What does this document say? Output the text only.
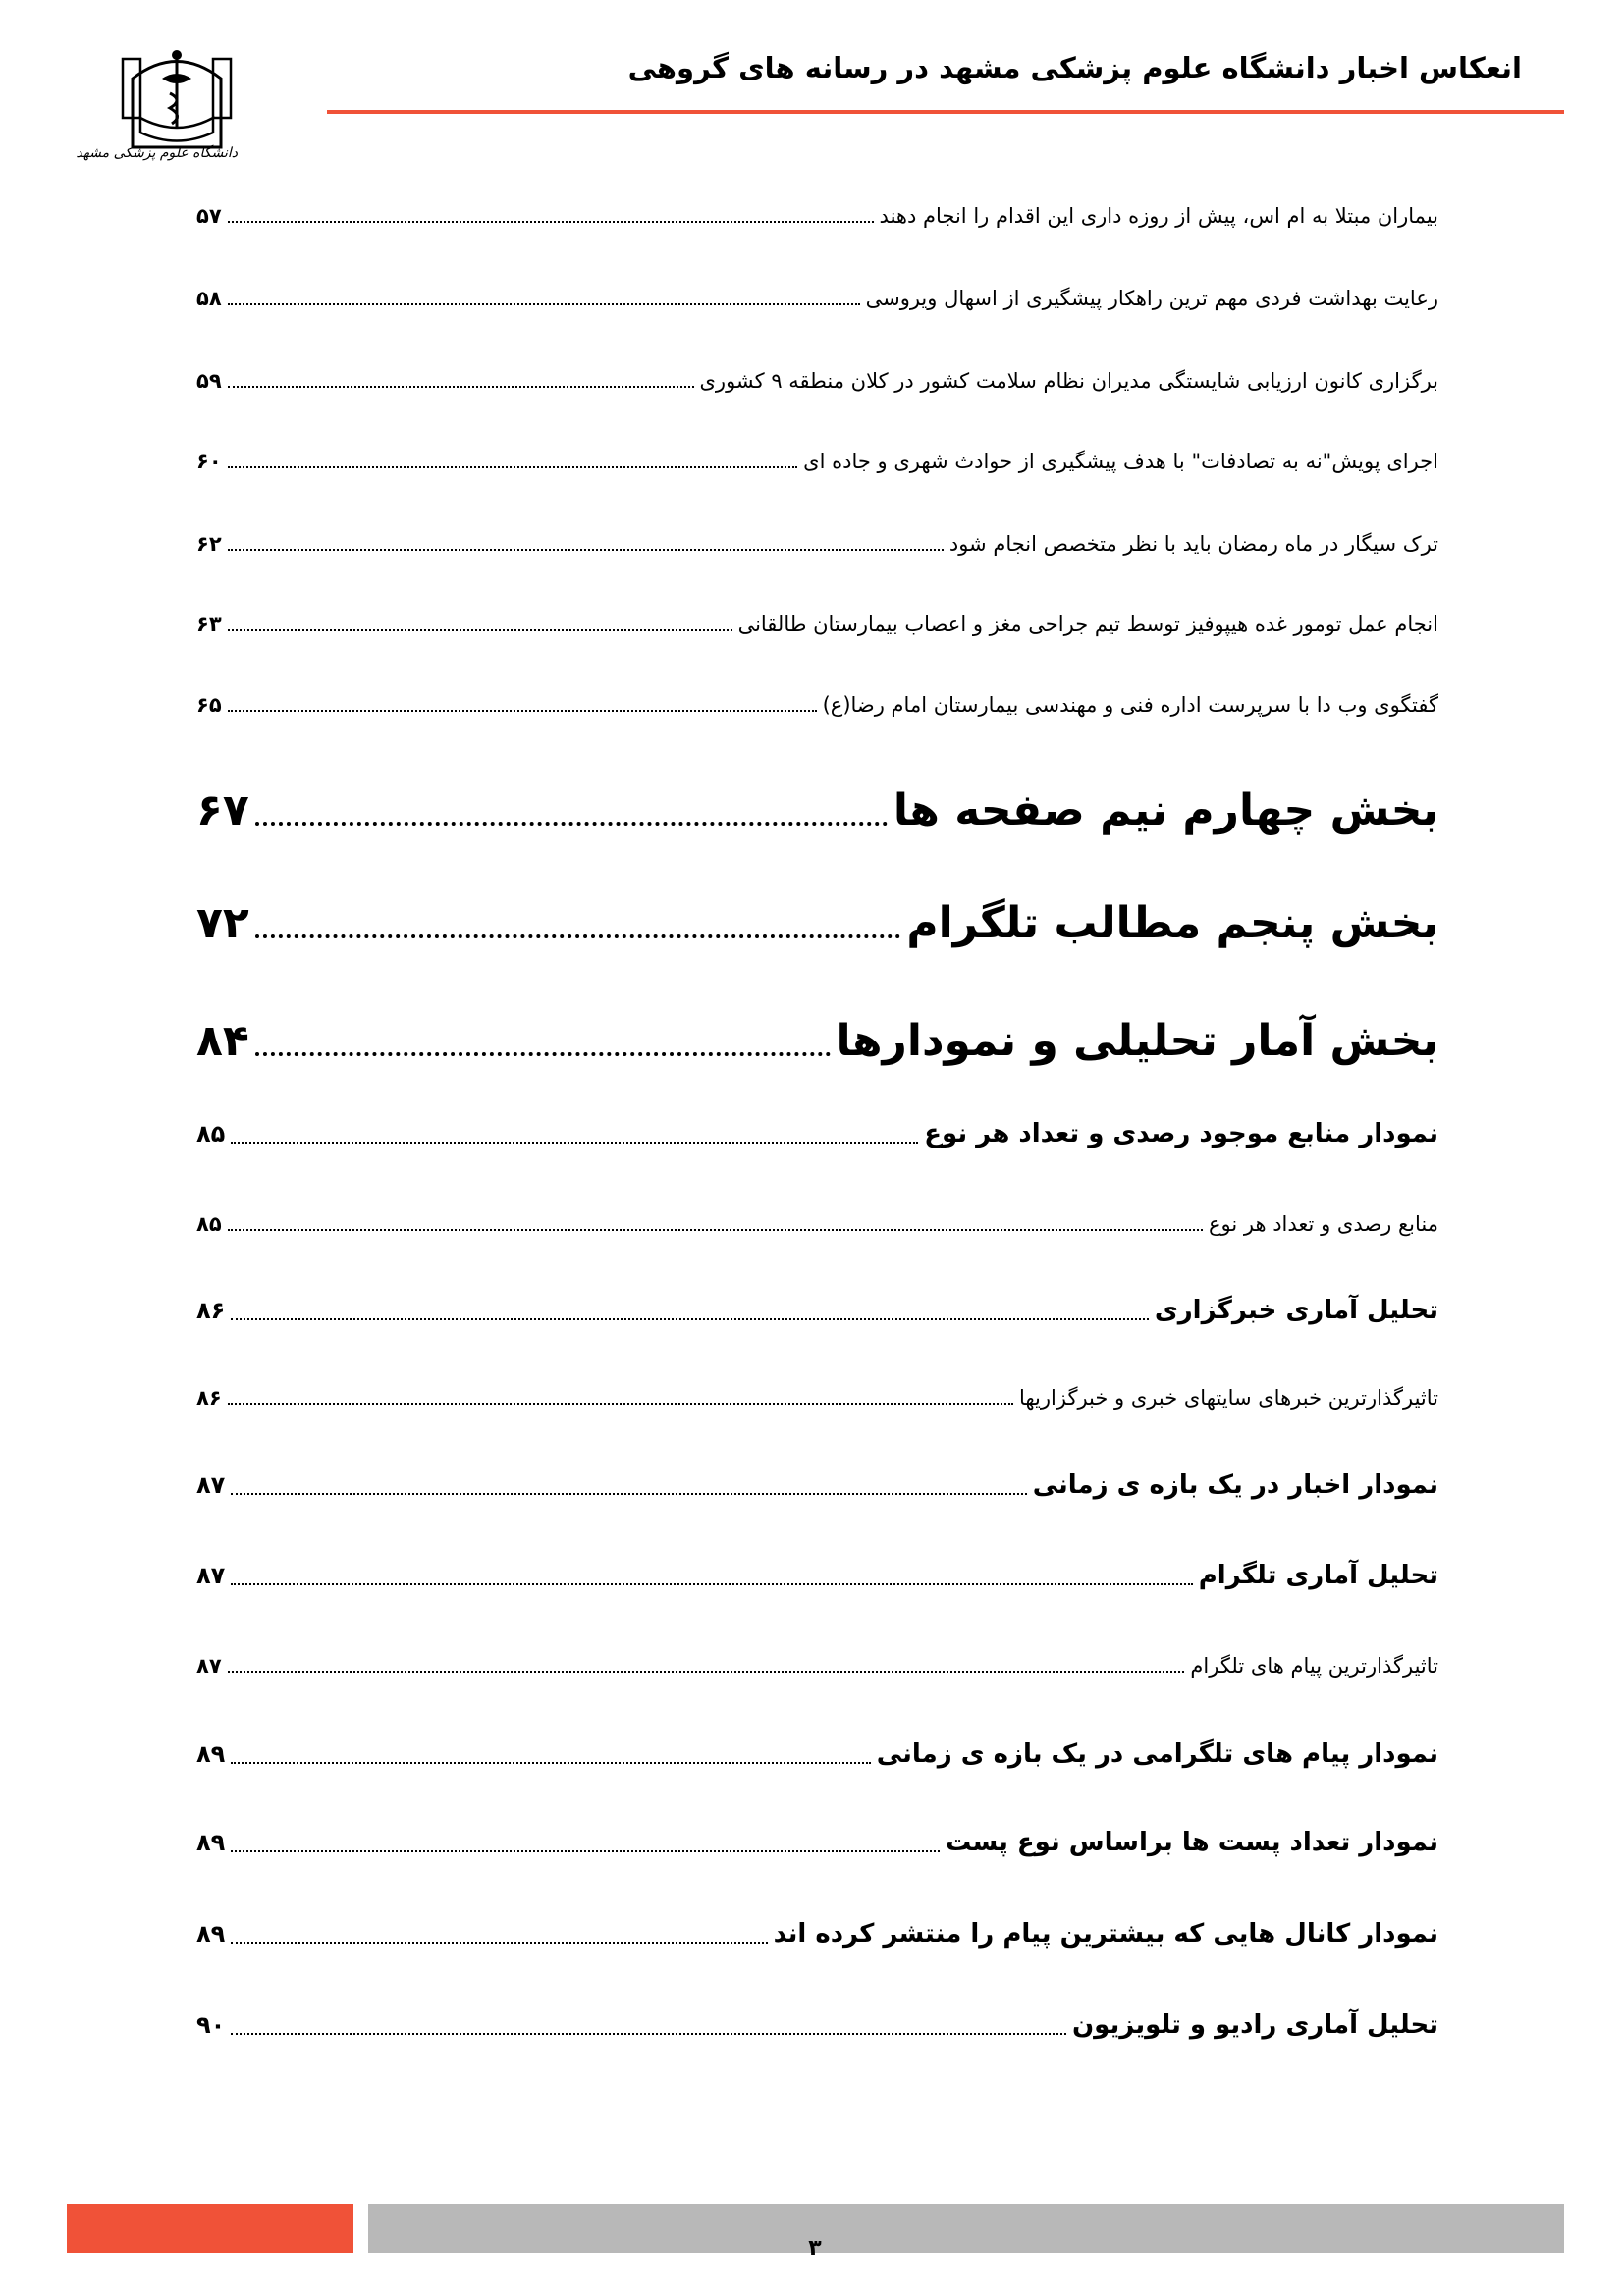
انعکاس اخبار دانشگاه علوم پزشکی مشهد در رسانه های گروهی
دانشگاه علوم پزشکی مشهد
بیماران مبتلا به ام اس، پیش از روزه داری این اقدام را انجام دهند
۵۷
رعایت بهداشت فردی مهم ترین راهکار پیشگیری از اسهال ویروسی
۵۸
برگزاری کانون ارزیابی شایستگی مدیران نظام سلامت کشور در کلان منطقه ۹ کشوری
۵۹
اجرای پویش"نه به تصادفات" با هدف پیشگیری از حوادث شهری و جاده ای
۶۰
ترک سیگار در ماه رمضان باید با نظر متخصص انجام شود
۶۲
انجام عمل تومور غده هیپوفیز توسط تیم جراحی مغز و اعصاب بیمارستان طالقانی
۶۳
گفتگوی وب دا با سرپرست اداره فنی و مهندسی بیمارستان امام رضا(ع)
۶۵
بخش چهارم نیم صفحه ها
۶۷
بخش پنجم مطالب تلگرام
۷۲
بخش آمار تحلیلی و نمودارها
۸۴
نمودار منابع موجود رصدی و تعداد هر نوع
۸۵
منابع رصدی و تعداد هر نوع
۸۵
تحلیل آماری خبرگزاری
۸۶
تاثیرگذارترین خبرهای سایتهای خبری و خبرگزاریها
۸۶
نمودار اخبار در یک بازه ی زمانی
۸۷
تحلیل آماری تلگرام
۸۷
تاثیرگذارترین پیام های تلگرام
۸۷
نمودار پیام های تلگرامی در یک بازه ی زمانی
۸۹
نمودار تعداد پست ها براساس نوع پست
۸۹
نمودار کانال هایی که بیشترین پیام را منتشر کرده اند
۸۹
تحلیل آماری رادیو و تلویزیون
۹۰
۳
